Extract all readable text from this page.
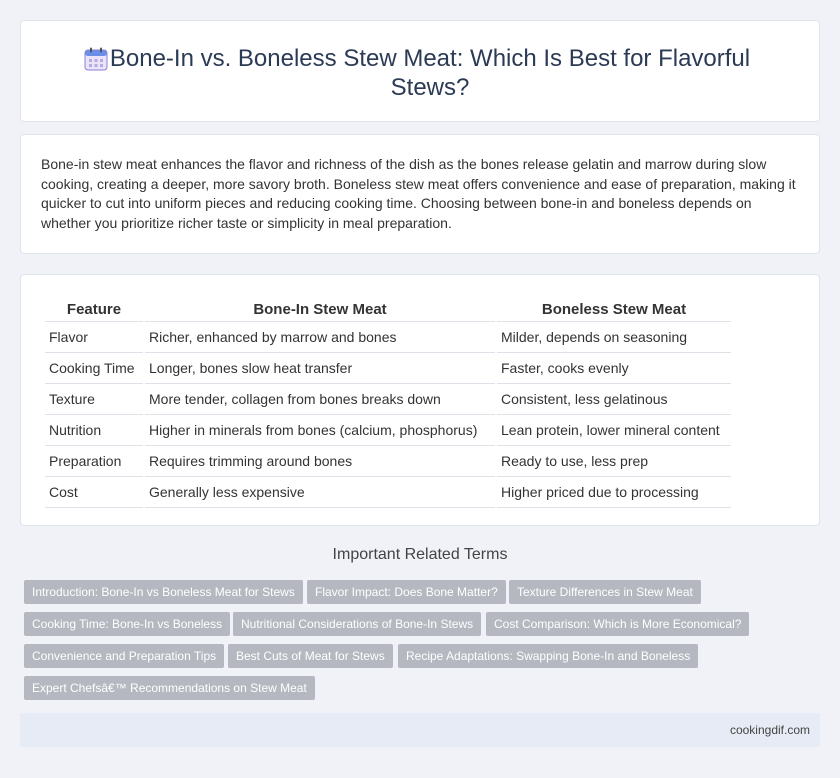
Bone-In vs. Boneless Stew Meat: Which Is Best for Flavorful Stews?

Bone-in stew meat enhances the flavor and richness of the dish as the bones release gelatin and marrow during slow cooking, creating a deeper, more savory broth. Boneless stew meat offers convenience and ease of preparation, making it quicker to cut into uniform pieces and reducing cooking time. Choosing between bone-in and boneless depends on whether you prioritize richer taste or simplicity in meal preparation.

Feature	Bone-In Stew Meat	Boneless Stew Meat
Flavor	Richer, enhanced by marrow and bones	Milder, depends on seasoning
Cooking Time	Longer, bones slow heat transfer	Faster, cooks evenly
Texture	More tender, collagen from bones breaks down	Consistent, less gelatinous
Nutrition	Higher in minerals from bones (calcium, phosphorus)	Lean protein, lower mineral content
Preparation	Requires trimming around bones	Ready to use, less prep
Cost	Generally less expensive	Higher priced due to processing
Important Related Terms
Introduction: Bone-In vs Boneless Meat for Stews	Flavor Impact: Does Bone Matter?	Texture Differences in Stew Meat
Cooking Time: Bone-In vs Boneless	Nutritional Considerations of Bone-In Stews	Cost Comparison: Which is More Economical?
Convenience and Preparation Tips	Best Cuts of Meat for Stews	Recipe Adaptations: Swapping Bone-In and Boneless
Expert Chefsâ€™ Recommendations on Stew Meat
cookingdif.com
